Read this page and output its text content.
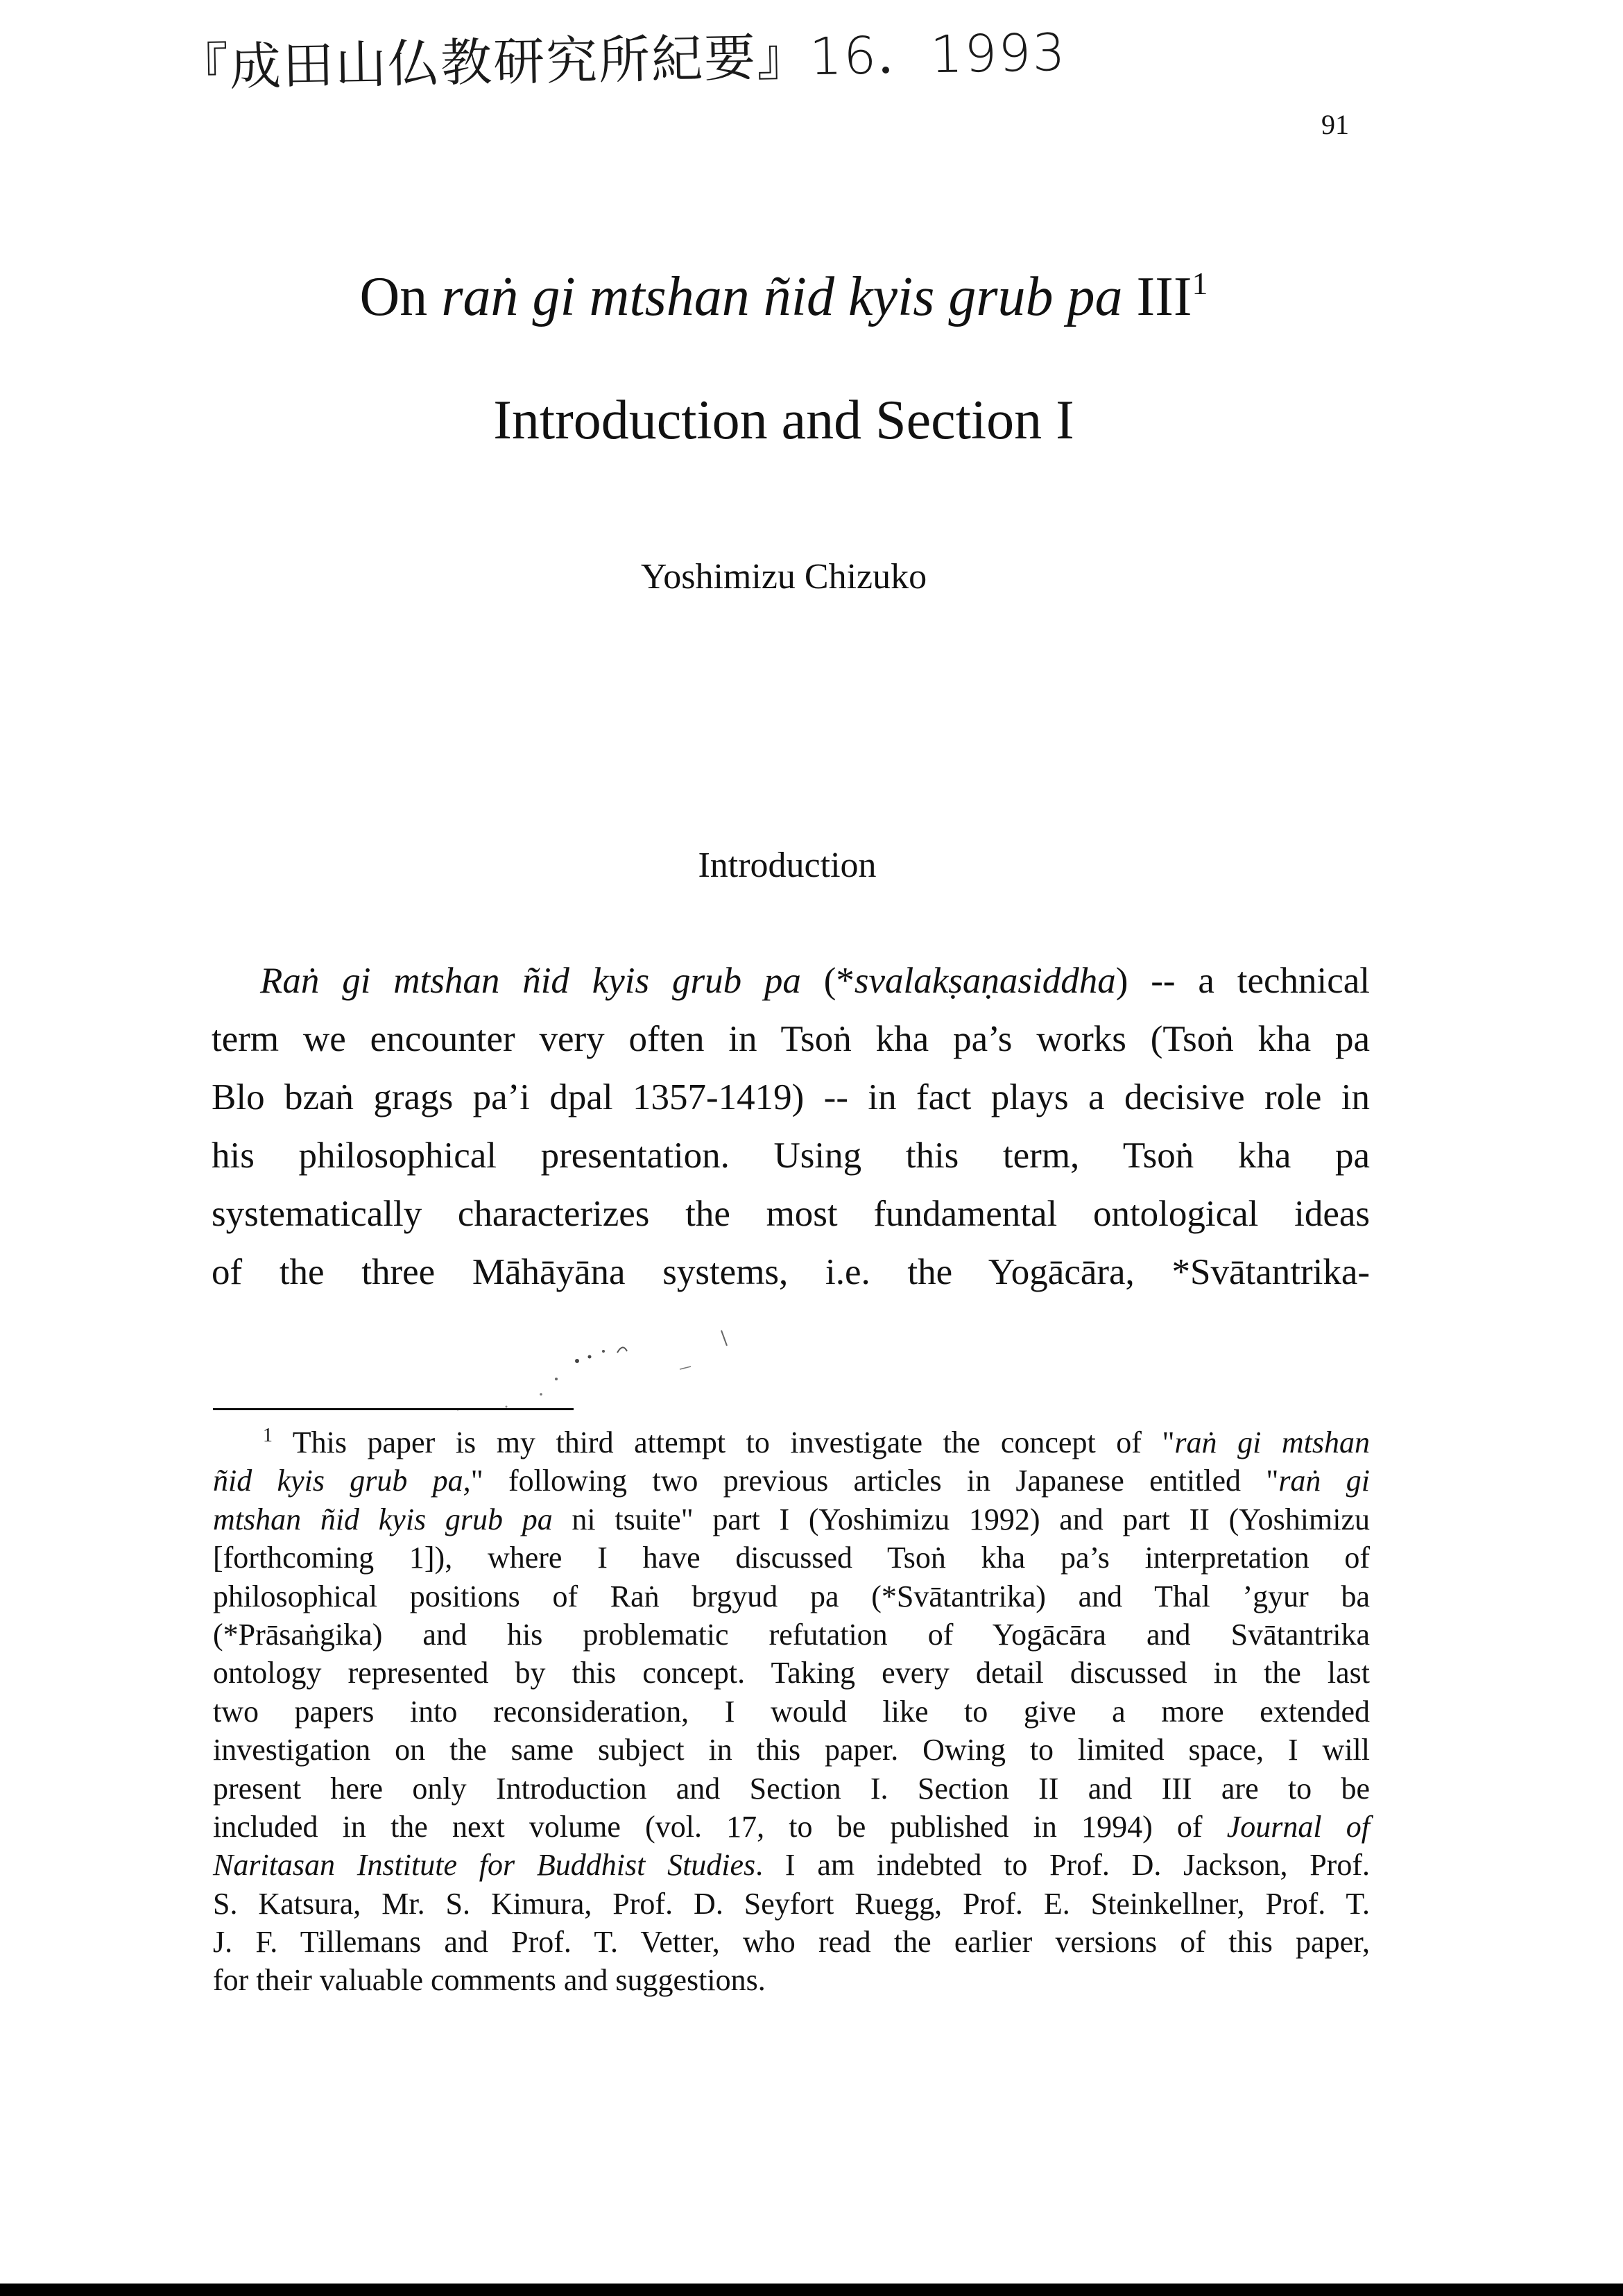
『成田山仏教研究所紀要』16．1993
91
On raṅ gi mtshan ñid kyis grub pa III$^1$
Introduction and Section I
Yoshimizu Chizuko
Introduction
Raṅ gi mtshan ñid kyis grub pa (*svalakṣaṇasiddha) -- a technical
term we encounter very often in Tsoṅ kha pa’s works (Tsoṅ kha pa
Blo bzaṅ grags pa’i dpal 1357-1419) -- in fact plays a decisive role in
his philosophical presentation. Using this term, Tsoṅ kha pa
systematically characterizes the most fundamental ontological ideas
of the three Māhāyāna systems, i.e. the Yogācāra, *Svātantrika-
$^1$ This paper is my third attempt to investigate the concept of "raṅ gi mtshan
ñid kyis grub pa," following two previous articles in Japanese entitled "raṅ gi
mtshan ñid kyis grub pa ni tsuite" part I (Yoshimizu 1992) and part II (Yoshimizu
[forthcoming 1]), where I have discussed Tsoṅ kha pa’s interpretation of
philosophical positions of Raṅ brgyud pa (*Svātantrika) and Thal ’gyur ba
(*Prāsaṅgika) and his problematic refutation of Yogācāra and Svātantrika
ontology represented by this concept. Taking every detail discussed in the last
two papers into reconsideration, I would like to give a more extended
investigation on the same subject in this paper. Owing to limited space, I will
present here only Introduction and Section I. Section II and III are to be
included in the next volume (vol. 17, to be published in 1994) of Journal of
Naritasan Institute for Buddhist Studies. I am indebted to Prof. D. Jackson, Prof.
S. Katsura, Mr. S. Kimura, Prof. D. Seyfort Ruegg, Prof. E. Steinkellner, Prof. T.
J. F. Tillemans and Prof. T. Vetter, who read the earlier versions of this paper,
for their valuable comments and suggestions.
